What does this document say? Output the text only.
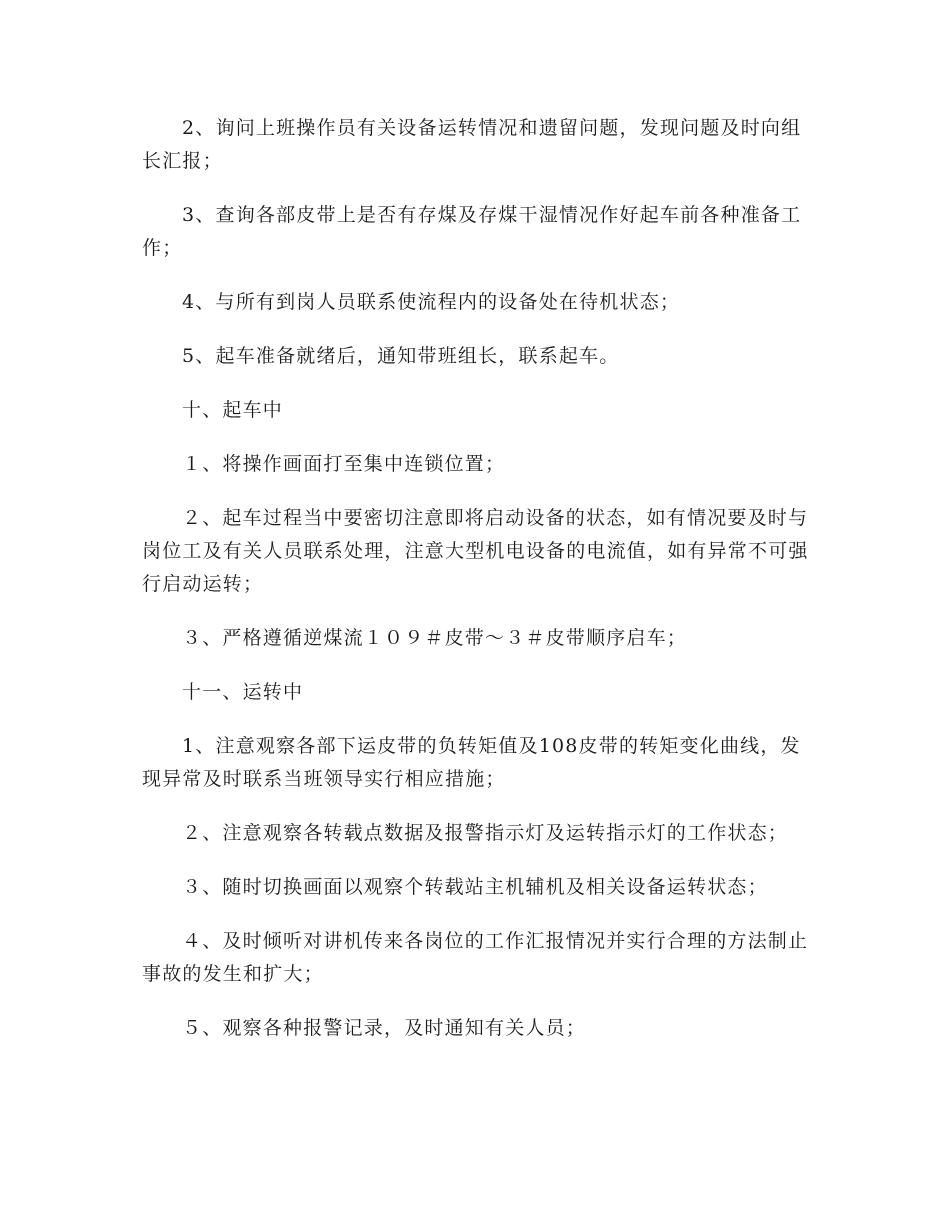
2、询问上班操作员有关设备运转情况和遗留问题，发现问题及时向组长汇报；

3、查询各部皮带上是否有存煤及存煤干湿情况作好起车前各种准备工作；

4、与所有到岗人员联系使流程内的设备处在待机状态；

5、起车准备就绪后，通知带班组长，联系起车。

十、起车中

１、将操作画面打至集中连锁位置；

２、起车过程当中要密切注意即将启动设备的状态，如有情况要及时与岗位工及有关人员联系处理，注意大型机电设备的电流值，如有异常不可强行启动运转；

３、严格遵循逆煤流１０９＃皮带～３＃皮带顺序启车；

十一、运转中

1、注意观察各部下运皮带的负转矩值及108皮带的转矩变化曲线，发现异常及时联系当班领导实行相应措施；

２、注意观察各转载点数据及报警指示灯及运转指示灯的工作状态；

３、随时切换画面以观察个转载站主机辅机及相关设备运转状态；

４、及时倾听对讲机传来各岗位的工作汇报情况并实行合理的方法制止事故的发生和扩大；

５、观察各种报警记录，及时通知有关人员；
